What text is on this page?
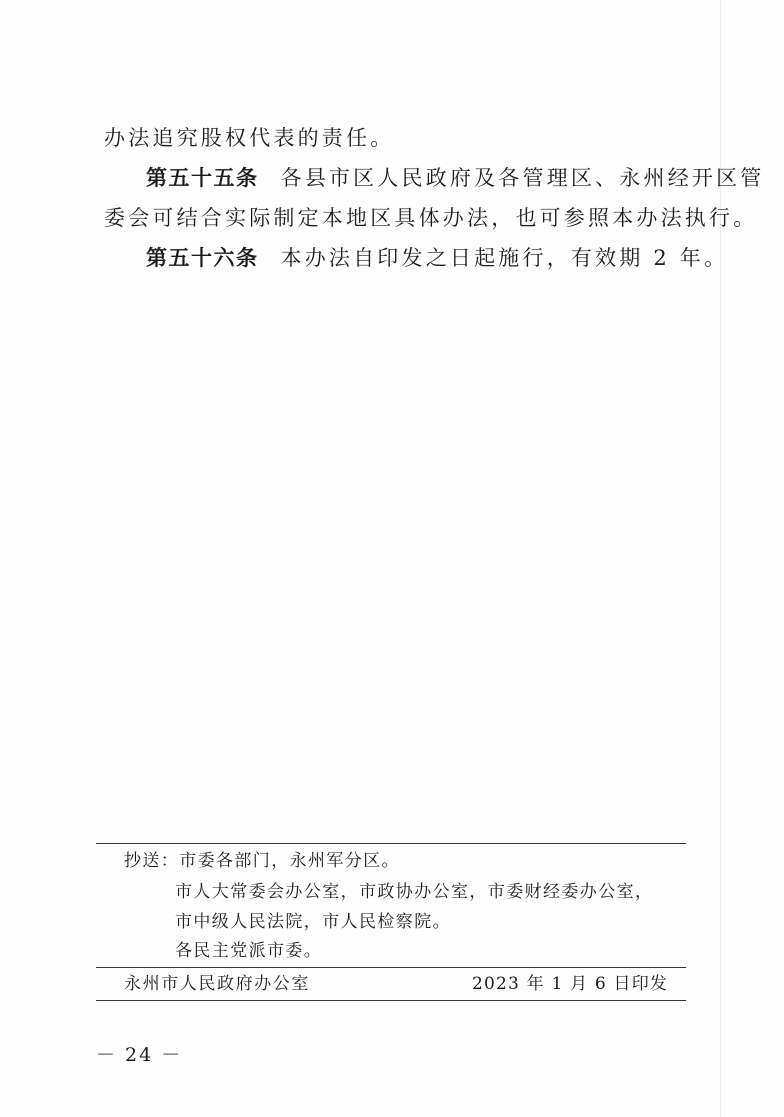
办法追究股权代表的责任。
第五十五条 各县市区人民政府及各管理区、永州经开区管
委会可结合实际制定本地区具体办法，也可参照本办法执行。
第五十六条 本办法自印发之日起施行，有效期 2 年。
抄送：市委各部门，永州军分区。
市人大常委会办公室，市政协办公室，市委财经委办公室，
市中级人民法院，市人民检察院。
各民主党派市委。
永州市人民政府办公室	2023 年 1 月 6 日印发
－ 24 －
